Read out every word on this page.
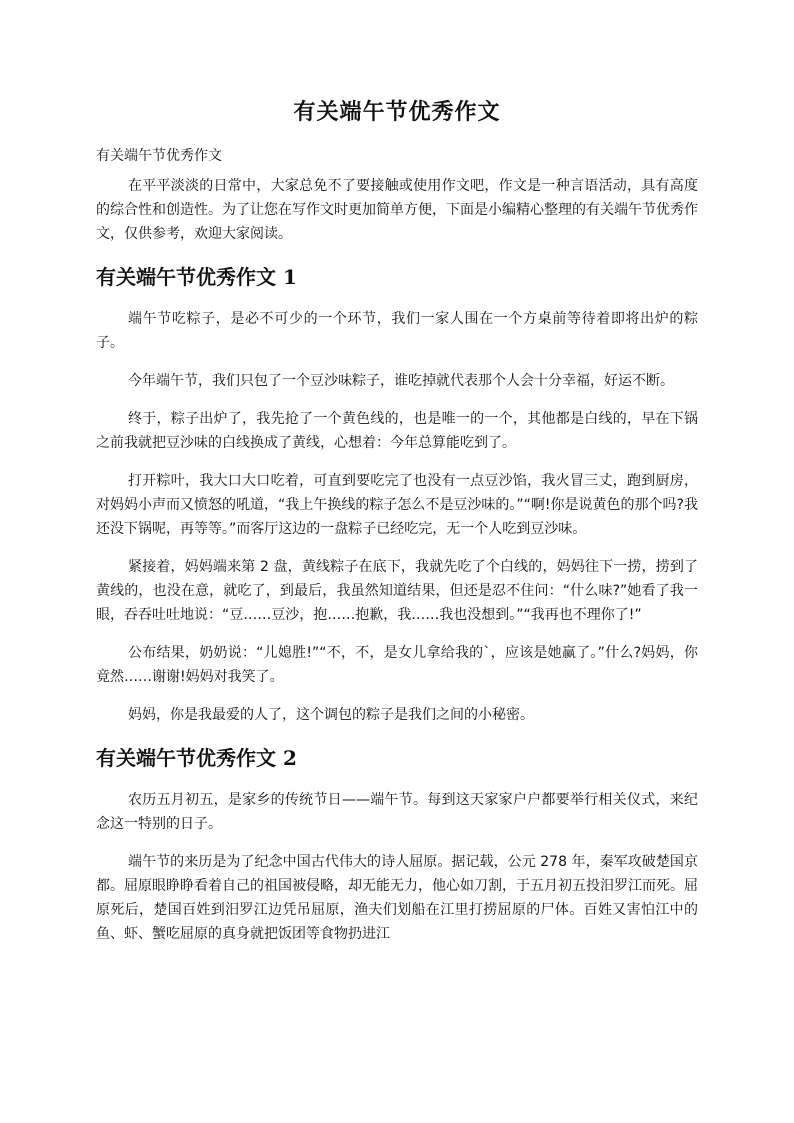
有关端午节优秀作文
有关端午节优秀作文

在平平淡淡的日常中，大家总免不了要接触或使用作文吧，作文是一种言语活动，具有高度的综合性和创造性。为了让您在写作文时更加简单方便，下面是小编精心整理的有关端午节优秀作文，仅供参考，欢迎大家阅读。

有关端午节优秀作文 1

端午节吃粽子，是必不可少的一个环节，我们一家人围在一个方桌前等待着即将出炉的粽子。

今年端午节，我们只包了一个豆沙味粽子，谁吃掉就代表那个人会十分幸福，好运不断。

终于，粽子出炉了，我先抢了一个黄色线的，也是唯一的一个，其他都是白线的，早在下锅之前我就把豆沙味的白线换成了黄线，心想着：今年总算能吃到了。

打开粽叶，我大口大口吃着，可直到要吃完了也没有一点豆沙馅，我火冒三丈，跑到厨房，对妈妈小声而又愤怒的吼道，“我上午换线的粽子怎么不是豆沙味的。”“啊!你是说黄色的那个吗?我还没下锅呢，再等等。”而客厅这边的一盘粽子已经吃完，无一个人吃到豆沙味。

紧接着，妈妈端来第 2 盘，黄线粽子在底下，我就先吃了个白线的，妈妈往下一捞，捞到了黄线的，也没在意，就吃了，到最后，我虽然知道结果，但还是忍不住问：“什么味?”她看了我一眼，吞吞吐吐地说：“豆……豆沙，抱……抱歉，我……我也没想到。”“我再也不理你了!”

公布结果，奶奶说：“儿媳胜!”“不，不，是女儿拿给我的`，应该是她赢了。”什么?妈妈，你竟然……谢谢!妈妈对我笑了。

妈妈，你是我最爱的人了，这个调包的粽子是我们之间的小秘密。

有关端午节优秀作文 2

农历五月初五，是家乡的传统节日——端午节。每到这天家家户户都要举行相关仪式，来纪念这一特别的日子。

端午节的来历是为了纪念中国古代伟大的诗人屈原。据记载，公元 278 年，秦军攻破楚国京都。屈原眼睁睁看着自己的祖国被侵略，却无能无力，他心如刀割，于五月初五投汨罗江而死。屈原死后，楚国百姓到汨罗江边凭吊屈原，渔夫们划船在江里打捞屈原的尸体。百姓又害怕江中的鱼、虾、蟹吃屈原的真身就把饭团等食物扔进江
